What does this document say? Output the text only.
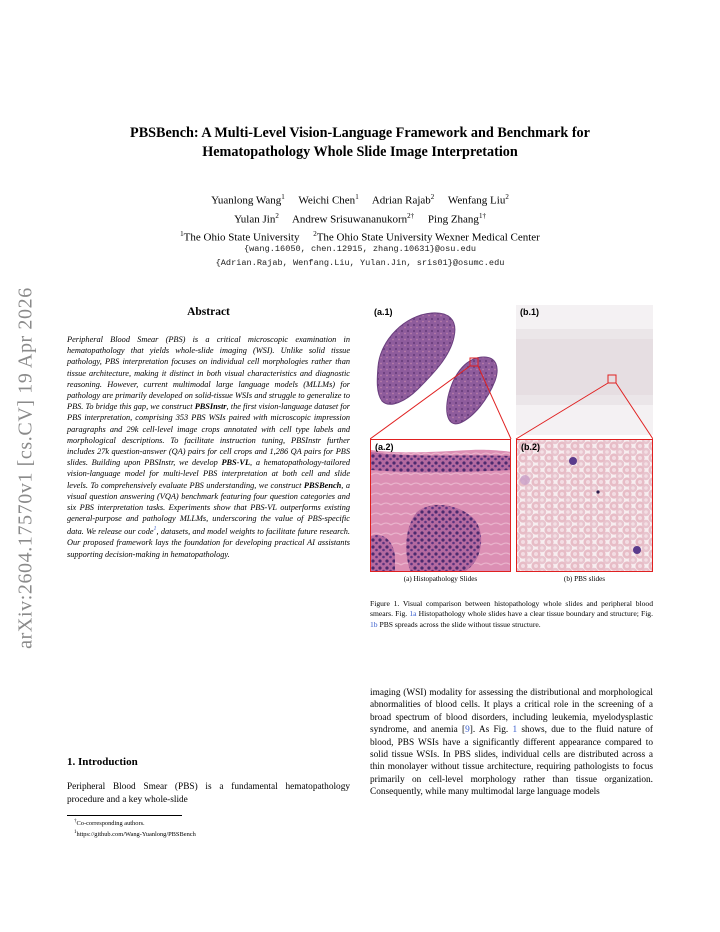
arXiv:2604.17570v1 [cs.CV] 19 Apr 2026
PBSBench: A Multi-Level Vision-Language Framework and Benchmark for
Hematopathology Whole Slide Image Interpretation
Yuanlong Wang$^1$ Weichi Chen$^1$ Adrian Rajab$^2$ Wenfang Liu$^2$
Yulan Jin$^2$ Andrew Srisuwananukorn$^{2\dagger}$ Ping Zhang$^{1\dagger}$
$^1$The Ohio State University $^2$The Ohio State University Wexner Medical Center
{wang.16050, chen.12915, zhang.10631}@osu.edu
{Adrian.Rajab, Wenfang.Liu, Yulan.Jin, sris01}@osumc.edu
Abstract
Peripheral Blood Smear (PBS) is a critical microscopic examination in hematopathology that yields whole-slide imaging (WSI). Unlike solid tissue pathology, PBS interpretation focuses on individual cell morphologies rather than tissue architecture, making it distinct in both visual characteristics and diagnostic reasoning. However, current multimodal large language models (MLLMs) for pathology are primarily developed on solid-tissue WSIs and struggle to generalize to PBS. To bridge this gap, we construct PBSInstr, the first vision-language dataset for PBS interpretation, comprising 353 PBS WSIs paired with microscopic impression paragraphs and 29k cell-level image crops annotated with cell type labels and morphological descriptions. To facilitate instruction tuning, PBSInstr further includes 27k question-answer (QA) pairs for cell crops and 1,286 QA pairs for PBS slides. Building upon PBSInstr, we develop PBS-VL, a hematopathology-tailored vision-language model for multi-level PBS interpretation at both cell and slide levels. To comprehensively evaluate PBS understanding, we construct PBSBench, a visual question answering (VQA) benchmark featuring four question categories and six PBS interpretation tasks. Experiments show that PBS-VL outperforms existing general-purpose and pathology MLLMs, underscoring the value of PBS-specific data. We release our code$^1$, datasets, and model weights to facilitate future research. Our proposed framework lays the foundation for developing practical AI assistants supporting decision-making in hematopathology.
1. Introduction
Peripheral Blood Smear (PBS) is a fundamental hematopathology procedure and a key whole-slide
†Co-corresponding authors.
$^1$https://github.com/Wang-Yuanlong/PBSBench
(a.1)	(b.1)
(a.2)	(b.2)
(a) Histopathology Slides	(b) PBS slides
Figure 1. Visual comparison between histopathology whole slides and peripheral blood smears. Fig. 1a Histopathology whole slides have a clear tissue boundary and structure; Fig. 1b PBS spreads across the slide without tissue structure.
imaging (WSI) modality for assessing the distributional and morphological abnormalities of blood cells. It plays a critical role in the screening of a broad spectrum of blood disorders, including leukemia, myelodysplastic syndrome, and anemia [9]. As Fig. 1 shows, due to the fluid nature of blood, PBS WSIs have a significantly different appearance compared to solid tissue WSIs. In PBS slides, individual cells are distributed across a thin monolayer without tissue architecture, requiring pathologists to focus primarily on cell-level morphology rather than tissue organization. Consequently, while many multimodal large language models
